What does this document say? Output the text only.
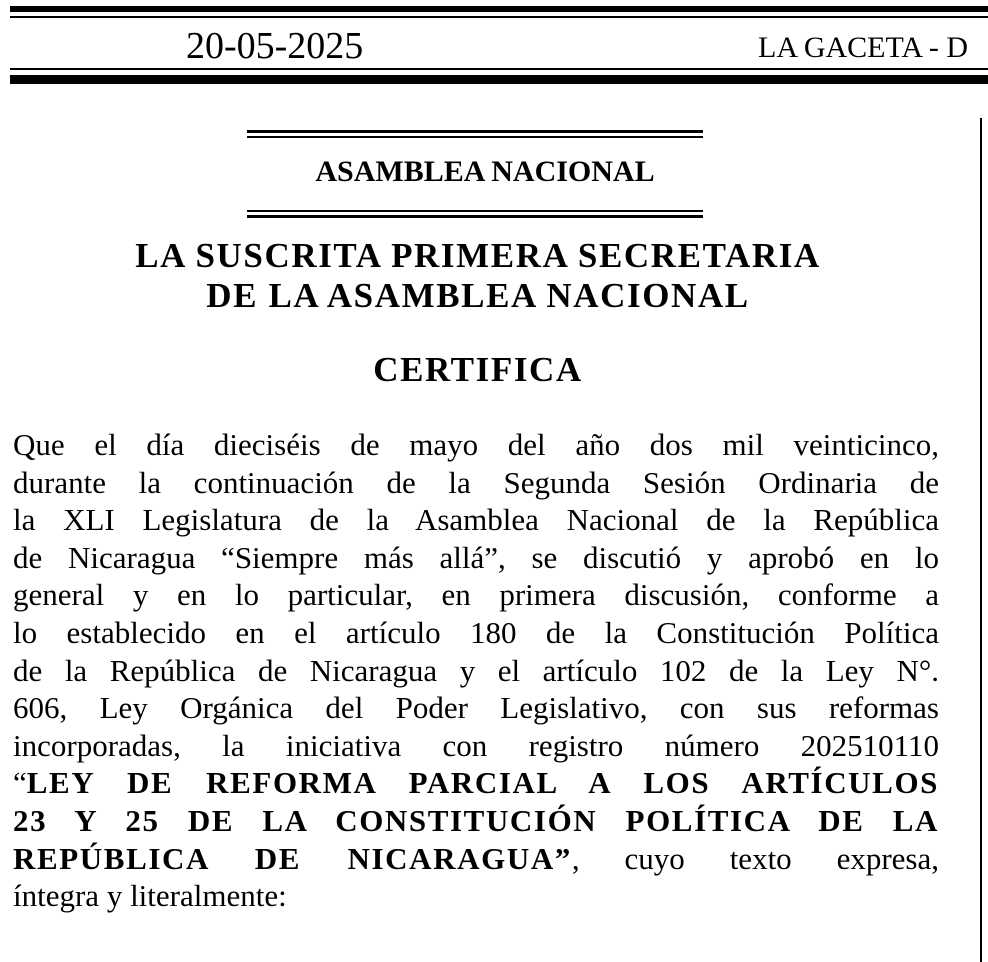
20-05-2025	LA GACETA - D
ASAMBLEA NACIONAL
LA SUSCRITA PRIMERA SECRETARIA
DE LA ASAMBLEA NACIONAL
CERTIFICA
Que el día dieciséis de mayo del año dos mil veinticinco,
durante la continuación de la Segunda Sesión Ordinaria de
la XLI Legislatura de la Asamblea Nacional de la República
de Nicaragua “Siempre más allá”, se discutió y aprobó en lo
general y en lo particular, en primera discusión, conforme a
lo establecido en el artículo 180 de la Constitución Política
de la República de Nicaragua y el artículo 102 de la Ley N°.
606, Ley Orgánica del Poder Legislativo, con sus reformas
incorporadas, la iniciativa con registro número 202510110
“LEY DE REFORMA PARCIAL A LOS ARTÍCULOS
23 Y 25 DE LA CONSTITUCIÓN POLÍTICA DE LA
REPÚBLICA DE NICARAGUA”, cuyo texto expresa,
íntegra y literalmente:
